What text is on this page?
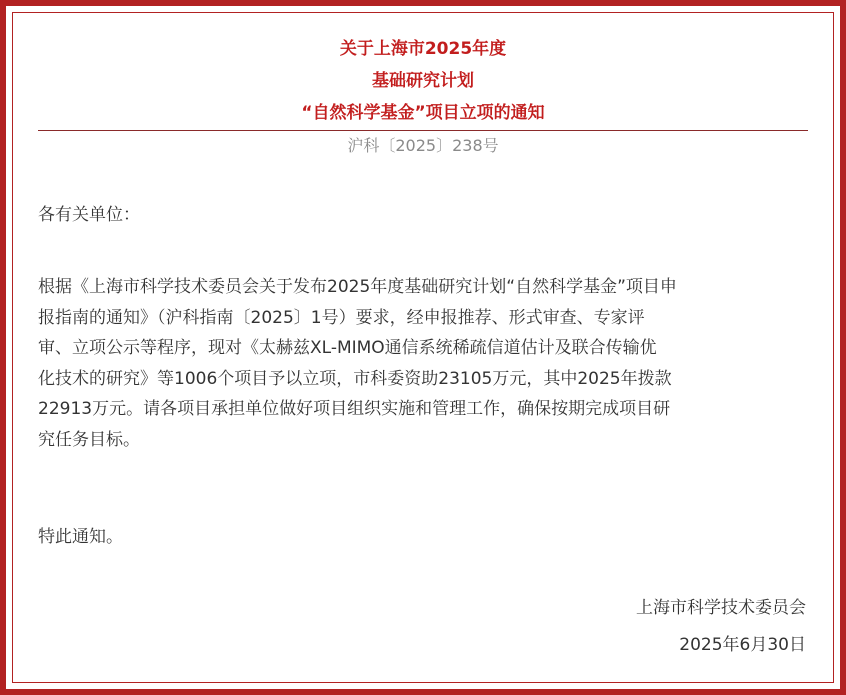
关于上海市2025年度
基础研究计划
“自然科学基金”项目立项的通知
沪科〔2025〕238号
各有关单位：
根据《上海市科学技术委员会关于发布2025年度基础研究计划“自然科学基金”项目申
报指南的通知》（沪科指南〔2025〕1号）要求，经申报推荐、形式审查、专家评
审、立项公示等程序，现对《太赫兹XL-MIMO通信系统稀疏信道估计及联合传输优
化技术的研究》等1006个项目予以立项，市科委资助23105万元，其中2025年拨款
22913万元。请各项目承担单位做好项目组织实施和管理工作，确保按期完成项目研
究任务目标。
特此通知。
上海市科学技术委员会
2025年6月30日
